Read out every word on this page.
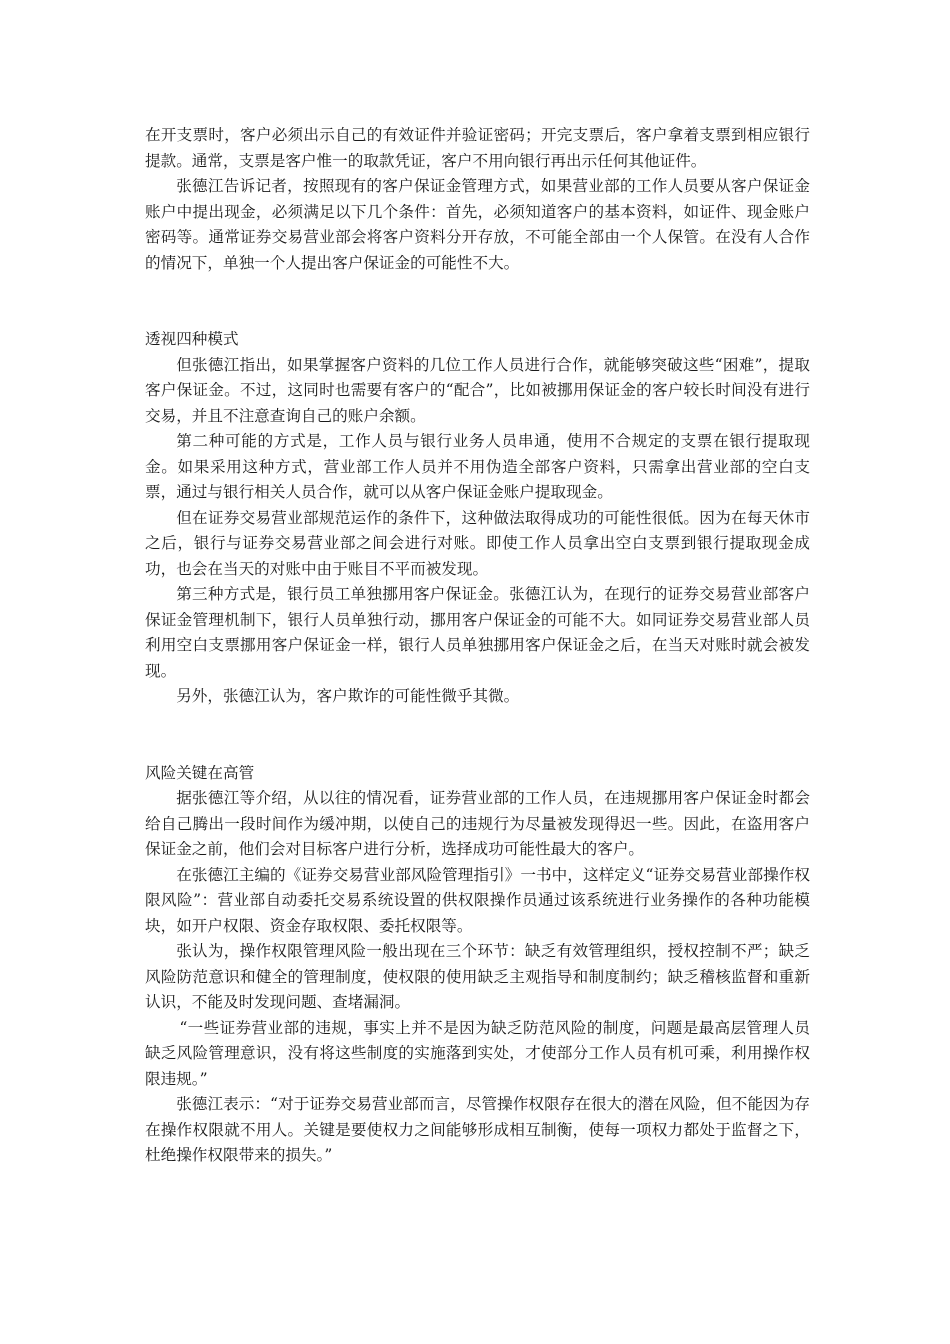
在开支票时，客户必须出示自己的有效证件并验证密码；开完支票后，客户拿着支票到相应银行提款。通常，支票是客户惟一的取款凭证，客户不用向银行再出示任何其他证件。

张德江告诉记者，按照现有的客户保证金管理方式，如果营业部的工作人员要从客户保证金账户中提出现金，必须满足以下几个条件：首先，必须知道客户的基本资料，如证件、现金账户密码等。通常证券交易营业部会将客户资料分开存放，不可能全部由一个人保管。在没有人合作的情况下，单独一个人提出客户保证金的可能性不大。

透视四种模式

但张德江指出，如果掌握客户资料的几位工作人员进行合作，就能够突破这些“困难”，提取客户保证金。不过，这同时也需要有客户的“配合”，比如被挪用保证金的客户较长时间没有进行交易，并且不注意查询自己的账户余额。

第二种可能的方式是，工作人员与银行业务人员串通，使用不合规定的支票在银行提取现金。如果采用这种方式，营业部工作人员并不用伪造全部客户资料，只需拿出营业部的空白支票，通过与银行相关人员合作，就可以从客户保证金账户提取现金。

但在证券交易营业部规范运作的条件下，这种做法取得成功的可能性很低。因为在每天休市之后，银行与证券交易营业部之间会进行对账。即使工作人员拿出空白支票到银行提取现金成功，也会在当天的对账中由于账目不平而被发现。

第三种方式是，银行员工单独挪用客户保证金。张德江认为，在现行的证券交易营业部客户保证金管理机制下，银行人员单独行动，挪用客户保证金的可能不大。如同证券交易营业部人员利用空白支票挪用客户保证金一样，银行人员单独挪用客户保证金之后，在当天对账时就会被发现。

另外，张德江认为，客户欺诈的可能性微乎其微。

风险关键在高管

据张德江等介绍，从以往的情况看，证券营业部的工作人员，在违规挪用客户保证金时都会给自己腾出一段时间作为缓冲期，以使自己的违规行为尽量被发现得迟一些。因此，在盗用客户保证金之前，他们会对目标客户进行分析，选择成功可能性最大的客户。

在张德江主编的《证券交易营业部风险管理指引》一书中，这样定义“证券交易营业部操作权限风险”：营业部自动委托交易系统设置的供权限操作员通过该系统进行业务操作的各种功能模块，如开户权限、资金存取权限、委托权限等。

张认为，操作权限管理风险一般出现在三个环节：缺乏有效管理组织，授权控制不严；缺乏风险防范意识和健全的管理制度，使权限的使用缺乏主观指导和制度制约；缺乏稽核监督和重新认识，不能及时发现问题、查堵漏洞。

“一些证券营业部的违规，事实上并不是因为缺乏防范风险的制度，问题是最高层管理人员缺乏风险管理意识，没有将这些制度的实施落到实处，才使部分工作人员有机可乘，利用操作权限违规。”

张德江表示：“对于证券交易营业部而言，尽管操作权限存在很大的潜在风险，但不能因为存在操作权限就不用人。关键是要使权力之间能够形成相互制衡，使每一项权力都处于监督之下，杜绝操作权限带来的损失。”
